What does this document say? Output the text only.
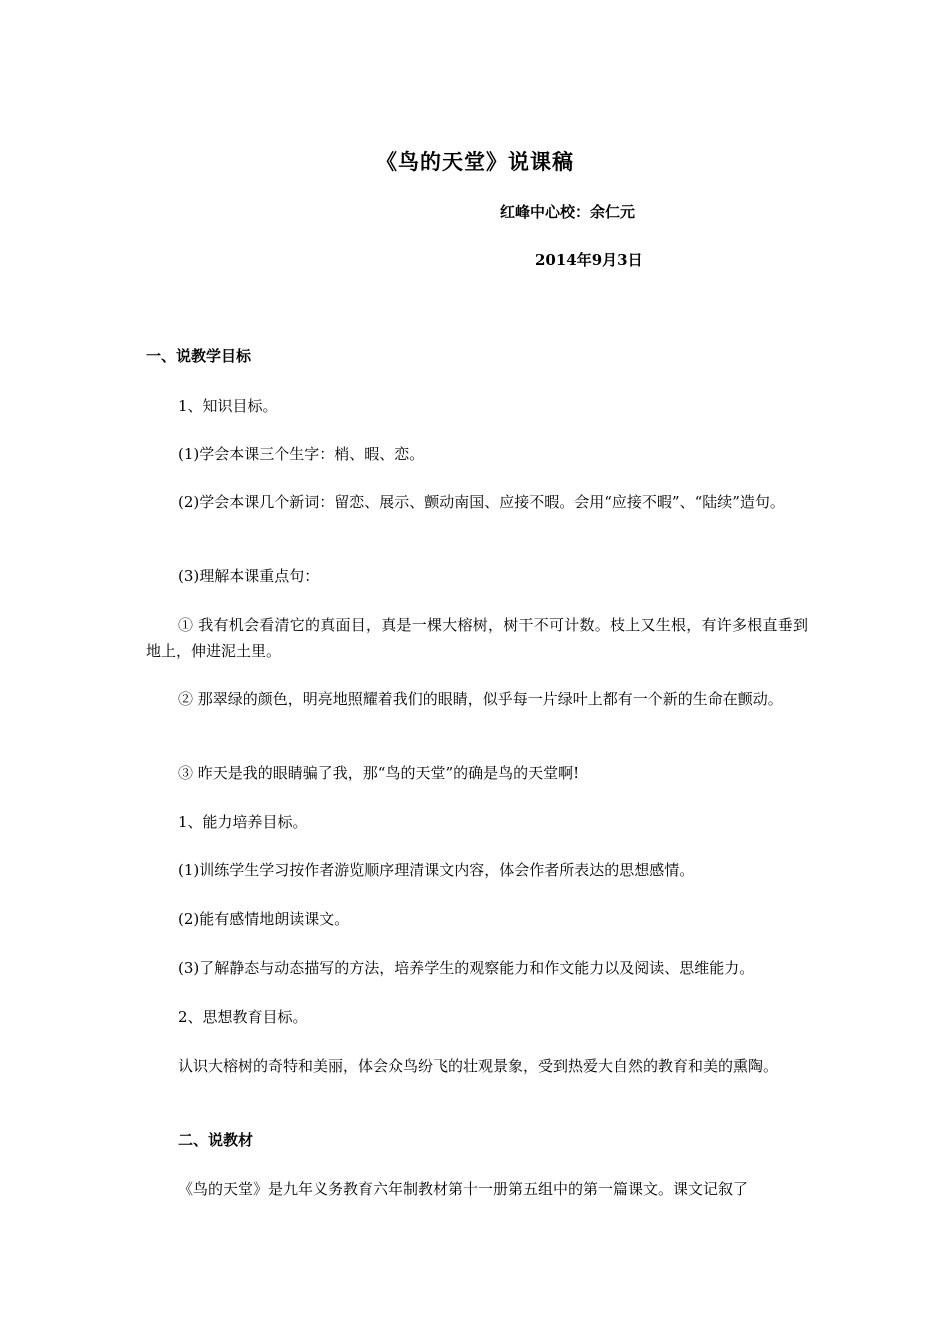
《鸟的天堂》说课稿
红峰中心校：余仁元
2014年9月3日
一、说教学目标
1、知识目标。
(1)学会本课三个生字：梢、暇、恋。
(2)学会本课几个新词：留恋、展示、颤动南国、应接不暇。会用“应接不暇”、“陆续”造句。
(3)理解本课重点句：
① 我有机会看清它的真面目，真是一棵大榕树，树干不可计数。枝上又生根，有许多根直垂到地上，伸进泥土里。
② 那翠绿的颜色，明亮地照耀着我们的眼睛，似乎每一片绿叶上都有一个新的生命在颤动。
③ 昨天是我的眼睛骗了我，那“鸟的天堂”的确是鸟的天堂啊!
1、能力培养目标。
(1)训练学生学习按作者游览顺序理清课文内容，体会作者所表达的思想感情。
(2)能有感情地朗读课文。
(3)了解静态与动态描写的方法，培养学生的观察能力和作文能力以及阅读、思维能力。
2、思想教育目标。
认识大榕树的奇特和美丽，体会众鸟纷飞的壮观景象，受到热爱大自然的教育和美的熏陶。
二、说教材
《鸟的天堂》是九年义务教育六年制教材第十一册第五组中的第一篇课文。课文记叙了
